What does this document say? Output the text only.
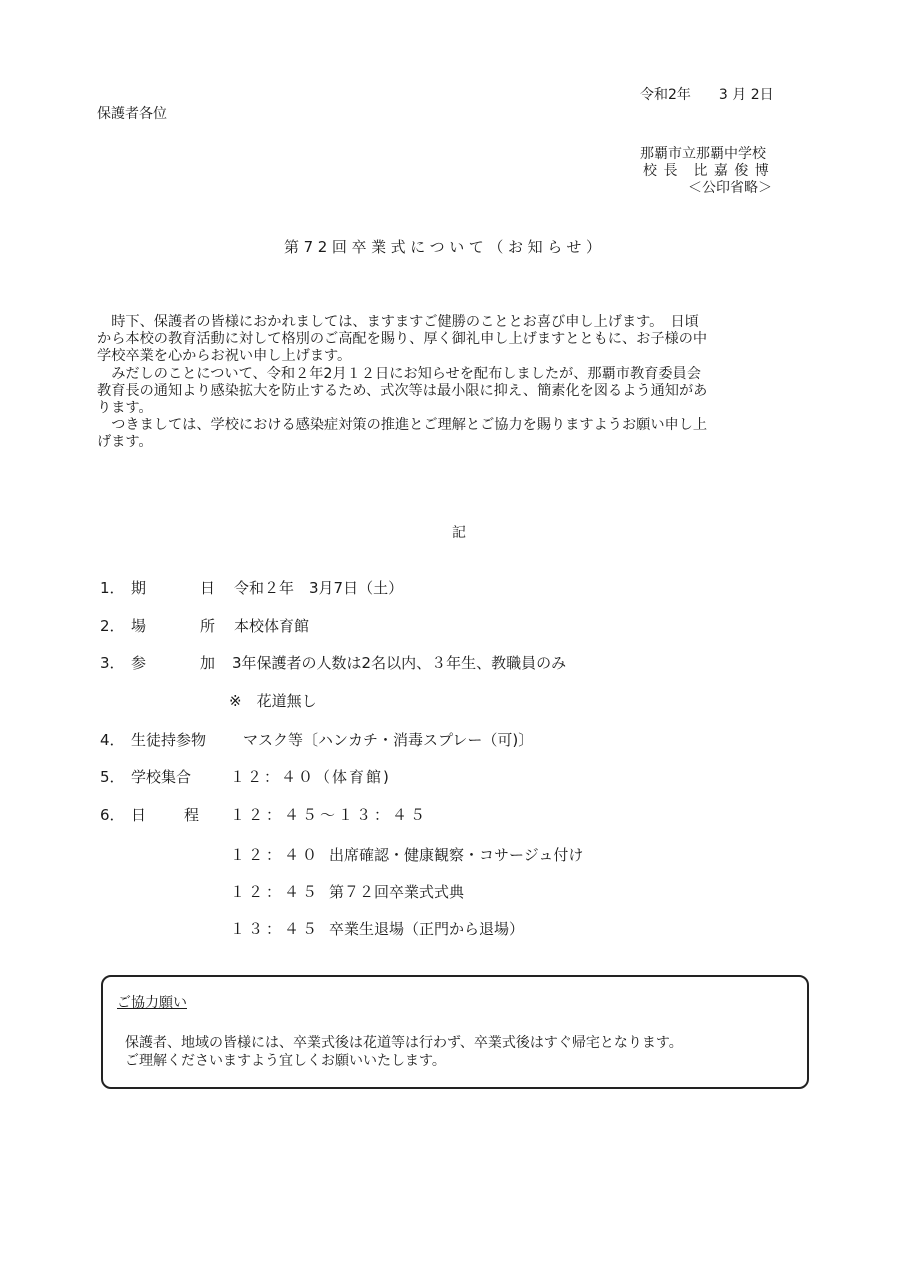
令和2年　　3 月 2日
保護者各位
那覇市立那覇中学校
校 長　比 嘉 俊 博
＜公印省略＞
第72回卒業式について（お知らせ）
　時下、保護者の皆様におかれましては、ますますご健勝のこととお喜び申し上げます。　日頃
から本校の教育活動に対して格別のご高配を賜り、厚く御礼申し上げますとともに、お子様の中
学校卒業を心からお祝い申し上げます。
　みだしのことについて、令和２年2月１２日にお知らせを配布しましたが、那覇市教育委員会
教育長の通知より感染拡大を防止するため、式次等は最小限に抑え、簡素化を図るよう通知があ
ります。
　つきましては、学校における感染症対策の推進とご理解とご協力を賜りますようお願い申し上
げます。
記
1． 期	日 令和２年　3月7日（土）
2． 場	所 本校体育館
3． 参	加 3年保護者の人数は2名以内、３年生、教職員のみ
※　花道無し
4． 生徒持参物 マスク等〔ハンカチ・消毒スプレー（可)〕
5． 学校集合	１２：４０（体育館)
6． 日	程 １２：４５～１３：４５
１２：４０ 出席確認・健康観察・コサージュ付け
１２：４５ 第７２回卒業式式典
１３：４５ 卒業生退場（正門から退場）
ご協力願い
保護者、地域の皆様には、卒業式後は花道等は行わず、卒業式後はすぐ帰宅となります。
ご理解くださいますよう宜しくお願いいたします。
